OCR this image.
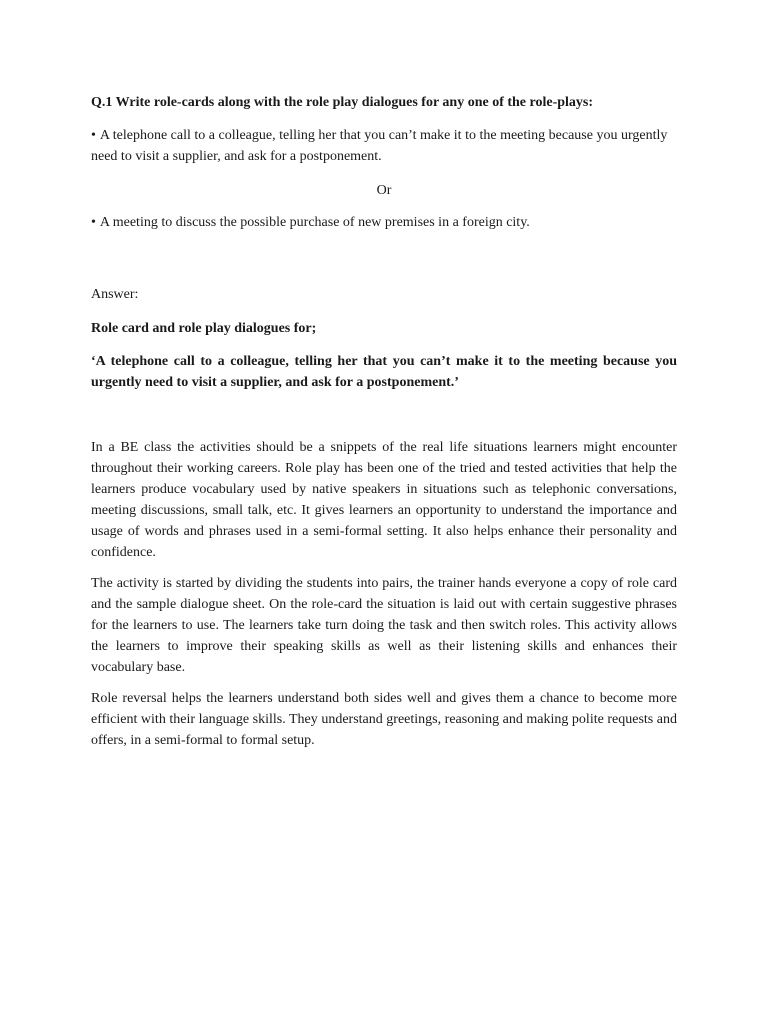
Q.1 Write role-cards along with the role play dialogues for any one of the role-plays:

• A telephone call to a colleague, telling her that you can’t make it to the meeting because you urgently need to visit a supplier, and ask for a postponement.

Or

• A meeting to discuss the possible purchase of new premises in a foreign city.

Answer:

Role card and role play dialogues for;

‘A telephone call to a colleague, telling her that you can’t make it to the meeting because you urgently need to visit a supplier, and ask for a postponement.’

In a BE class the activities should be a snippets of the real life situations learners might encounter throughout their working careers. Role play has been one of the tried and tested activities that help the learners produce vocabulary used by native speakers in situations such as telephonic conversations, meeting discussions, small talk, etc. It gives learners an opportunity to understand the importance and usage of words and phrases used in a semi-formal setting. It also helps enhance their personality and confidence.

The activity is started by dividing the students into pairs, the trainer hands everyone a copy of role card and the sample dialogue sheet. On the role-card the situation is laid out with certain suggestive phrases for the learners to use. The learners take turn doing the task and then switch roles. This activity allows the learners to improve their speaking skills as well as their listening skills and enhances their vocabulary base.

Role reversal helps the learners understand both sides well and gives them a chance to become more efficient with their language skills. They understand greetings, reasoning and making polite requests and offers, in a semi-formal to formal setup.
